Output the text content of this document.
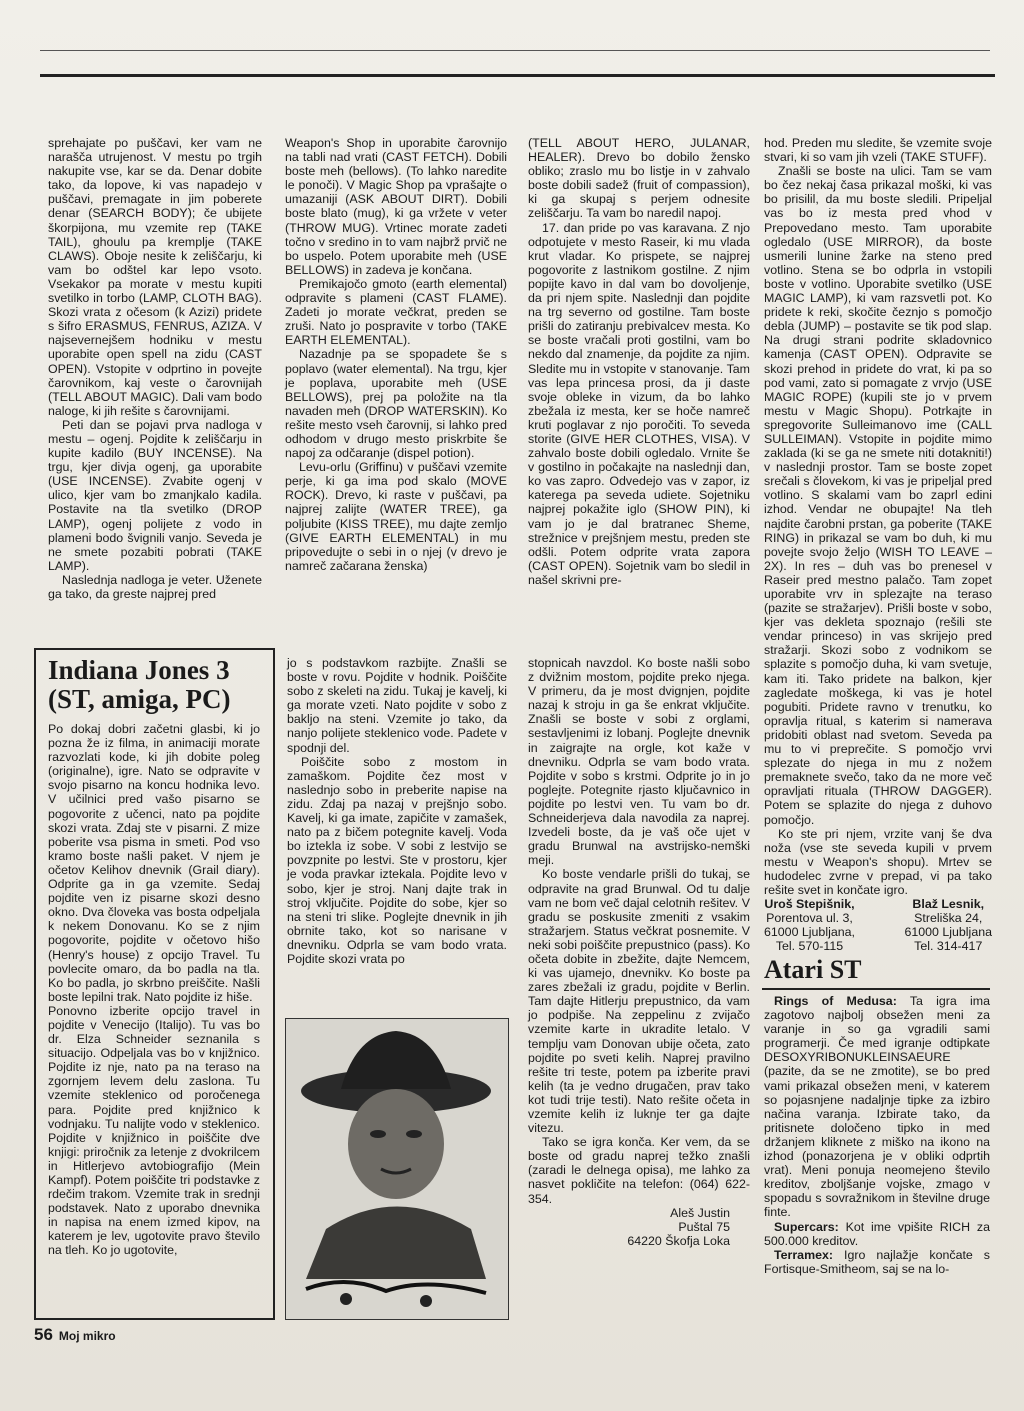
sprehajate po puščavi, ker vam ne narašča utrujenost. V mestu po trgih nakupite vse, kar se da. Denar dobite tako, da lopove, ki vas napadejo v puščavi, premagate in jim poberete denar (SEARCH BODY); če ubijete škorpijona, mu vzemite rep (TAKE TAIL), ghoulu pa kremplje (TAKE CLAWS). Oboje nesite k zeliščarju, ki vam bo odštel kar lepo vsoto. Vsekakor pa morate v mestu kupiti svetilko in torbo (LAMP, CLOTH BAG). Skozi vrata z očesom (k Azizi) pridete s šifro ERASMUS, FENRUS, AZIZA. V najsevernejšem hodniku v mestu uporabite open spell na zidu (CAST OPEN). Vstopite v odprtino in povejte čarovnikom, kaj veste o čarovnijah (TELL ABOUT MAGIC). Dali vam bodo naloge, ki jih rešite s čarovnijami.

Peti dan se pojavi prva nadloga v mestu – ogenj. Pojdite k zeliščarju in kupite kadilo (BUY INCENSE). Na trgu, kjer divja ogenj, ga uporabite (USE INCENSE). Zvabite ogenj v ulico, kjer vam bo zmanjkalo kadila. Postavite na tla svetilko (DROP LAMP), ogenj polijete z vodo in plameni bodo švignili vanjo. Seveda je ne smete pozabiti pobrati (TAKE LAMP).

Naslednja nadloga je veter. Uženete ga tako, da greste najprej pred

Weapon's Shop in uporabite čarovnijo na tabli nad vrati (CAST FETCH). Dobili boste meh (bellows). (To lahko naredite le ponoči). V Magic Shop pa vprašajte o umazaniji (ASK ABOUT DIRT). Dobili boste blato (mug), ki ga vržete v veter (THROW MUG). Vrtinec morate zadeti točno v sredino in to vam najbrž prvič ne bo uspelo. Potem uporabite meh (USE BELLOWS) in zadeva je končana.

Premikajočo gmoto (earth elemental) odpravite s plameni (CAST FLAME). Zadeti jo morate večkrat, preden se zruši. Nato jo pospravite v torbo (TAKE EARTH ELEMENTAL).

Nazadnje pa se spopadete še s poplavo (water elemental). Na trgu, kjer je poplava, uporabite meh (USE BELLOWS), prej pa položite na tla navaden meh (DROP WATERSKIN). Ko rešite mesto vseh čarovnij, si lahko pred odhodom v drugo mesto priskrbite še napoj za odčaranje (dispel potion).

Levu-orlu (Griffinu) v puščavi vzemite perje, ki ga ima pod skalo (MOVE ROCK). Drevo, ki raste v puščavi, pa najprej zalijte (WATER TREE), ga poljubite (KISS TREE), mu dajte zemljo (GIVE EARTH ELEMENTAL) in mu pripovedujte o sebi in o njej (v drevo je namreč začarana ženska)

(TELL ABOUT HERO, JULANAR, HEALER). Drevo bo dobilo žensko obliko; zraslo mu bo listje in v zahvalo boste dobili sadež (fruit of compassion), ki ga skupaj s perjem odnesite zeliščarju. Ta vam bo naredil napoj.

17. dan pride po vas karavana. Z njo odpotujete v mesto Raseir, ki mu vlada krut vladar. Ko prispete, se najprej pogovorite z lastnikom gostilne. Z njim popijte kavo in dal vam bo dovoljenje, da pri njem spite. Naslednji dan pojdite na trg severno od gostilne. Tam boste prišli do zatiranju prebivalcev mesta. Ko se boste vračali proti gostilni, vam bo nekdo dal znamenje, da pojdite za njim. Sledite mu in vstopite v stanovanje. Tam vas lepa princesa prosi, da ji daste svoje obleke in vizum, da bo lahko zbežala iz mesta, ker se hoče namreč kruti poglavar z njo poročiti. To seveda storite (GIVE HER CLOTHES, VISA). V zahvalo boste dobili ogledalo. Vrnite še v gostilno in počakajte na naslednji dan, ko vas zapro. Odvedejo vas v zapor, iz katerega pa seveda udiete. Sojetniku najprej pokažite iglo (SHOW PIN), ki vam jo je dal bratranec Sheme, strežnice v prejšnjem mestu, preden ste odšli. Potem odprite vrata zapora (CAST OPEN). Sojetnik vam bo sledil in našel skrivni pre-

hod. Preden mu sledite, še vzemite svoje stvari, ki so vam jih vzeli (TAKE STUFF).

Znašli se boste na ulici. Tam se vam bo čez nekaj časa prikazal moški, ki vas bo prisilil, da mu boste sledili. Pripeljal vas bo iz mesta pred vhod v Prepovedano mesto. Tam uporabite ogledalo (USE MIRROR), da boste usmerili lunine žarke na steno pred votlino. Stena se bo odprla in vstopili boste v votlino. Uporabite svetilko (USE MAGIC LAMP), ki vam razsvetli pot. Ko pridete k reki, skočite čeznjo s pomočjo debla (JUMP) – postavite se tik pod slap. Na drugi strani podrite skladovnico kamenja (CAST OPEN). Odpravite se skozi prehod in pridete do vrat, ki pa so pod vami, zato si pomagate z vrvjo (USE MAGIC ROPE) (kupili ste jo v prvem mestu v Magic Shopu). Potrkajte in spregovorite Sulleimanovo ime (CALL SULLEIMAN). Vstopite in pojdite mimo zaklada (ki se ga ne smete niti dotakniti!) v naslednji prostor. Tam se boste zopet srečali s človekom, ki vas je pripeljal pred votlino. S skalami vam bo zaprl edini izhod. Vendar ne obupajte! Na tleh najdite čarobni prstan, ga poberite (TAKE RING) in prikazal se vam bo duh, ki mu povejte svojo željo (WISH TO LEAVE – 2X). In res – duh vas bo prenesel v Raseir pred mestno palačo. Tam zopet uporabite vrv in splezajte na teraso (pazite se stražarjev). Prišli boste v sobo, kjer vas dekleta spoznajo (rešili ste vendar princeso) in vas skrijejo pred stražarji. Skozi sobo z vodnikom se splazite s pomočjo duha, ki vam svetuje, kam iti. Tako pridete na balkon, kjer zagledate moškega, ki vas je hotel pogubiti. Pridete ravno v trenutku, ko opravlja ritual, s katerim si namerava pridobiti oblast nad svetom. Seveda pa mu to vi preprečite. S pomočjo vrvi splezate do njega in mu z nožem premaknete svečo, tako da ne more več opravljati rituala (THROW DAGGER). Potem se splazite do njega z duhovo pomočjo.

Ko ste pri njem, vrzite vanj še dva noža (vse ste seveda kupili v prvem mestu v Weapon's shopu). Mrtev se hudodelec zvrne v prepad, vi pa tako rešite svet in končate igro.

Uroš Stepišnik,
Porentova ul. 3,
61000 Ljubljana,
Tel. 570-115
Blaž Lesnik,
Streliška 24,
61000 Ljubljana
Tel. 314-417
Indiana Jones 3 (ST, amiga, PC)

Po dokaj dobri začetni glasbi, ki jo pozna že iz filma, in animaciji morate razvozlati kode, ki jih dobite poleg (originalne), igre. Nato se odpravite v svojo pisarno na koncu hodnika levo. V učilnici pred vašo pisarno se pogovorite z učenci, nato pa pojdite skozi vrata. Zdaj ste v pisarni. Z mize poberite vsa pisma in smeti. Pod vso kramo boste našli paket. V njem je očetov Kelihov dnevnik (Grail diary). Odprite ga in ga vzemite. Sedaj pojdite ven iz pisarne skozi desno okno. Dva človeka vas bosta odpeljala k nekem Donovanu. Ko se z njim pogovorite, pojdite v očetovo hišo (Henry's house) z opcijo Travel. Tu povlecite omaro, da bo padla na tla. Ko bo padla, jo skrbno preiščite. Našli boste lepilni trak. Nato pojdite iz hiše.

Ponovno izberite opcijo travel in pojdite v Venecijo (Italijo). Tu vas bo dr. Elza Schneider seznanila s situacijo. Odpeljala vas bo v knjižnico. Pojdite iz nje, nato pa na teraso na zgornjem levem delu zaslona. Tu vzemite steklenico od poročenega para. Pojdite pred knjižnico k vodnjaku. Tu nalijte vodo v steklenico. Pojdite v knjižnico in poiščite dve knjigi: priročnik za letenje z dvokrilcem in Hitlerjevo avtobiografijo (Mein Kampf). Potem poiščite tri podstavke z rdečim trakom. Vzemite trak in srednji podstavek. Nato z uporabo dnevnika in napisa na enem izmed kipov, na katerem je lev, ugotovite pravo število na tleh. Ko jo ugotovite,

jo s podstavkom razbijte. Znašli se boste v rovu. Pojdite v hodnik. Poiščite sobo z skeleti na zidu. Tukaj je kavelj, ki ga morate vzeti. Nato pojdite v sobo z bakljo na steni. Vzemite jo tako, da nanjo polijete steklenico vode. Padete v spodnji del.

Poiščite sobo z mostom in zamaškom. Pojdite čez most v naslednjo sobo in preberite napise na zidu. Zdaj pa nazaj v prejšnjo sobo. Kavelj, ki ga imate, zapičite v zamašek, nato pa z bičem potegnite kavelj. Voda bo iztekla iz sobe. V sobi z lestvijo se povzpnite po lestvi. Ste v prostoru, kjer je voda pravkar iztekala. Pojdite levo v sobo, kjer je stroj. Nanj dajte trak in stroj vključite. Pojdite do sobe, kjer so na steni tri slike. Poglejte dnevnik in jih obrnite tako, kot so narisane v dnevniku. Odprla se vam bodo vrata. Pojdite skozi vrata po

stopnicah navzdol. Ko boste našli sobo z dvižnim mostom, pojdite preko njega. V primeru, da je most dvignjen, pojdite nazaj k stroju in ga še enkrat vključite. Znašli se boste v sobi z orglami, sestavljenimi iz lobanj. Poglejte dnevnik in zaigrajte na orgle, kot kaže v dnevniku. Odprla se vam bodo vrata. Pojdite v sobo s krstmi. Odprite jo in jo poglejte. Potegnite rjasto ključavnico in pojdite po lestvi ven. Tu vam bo dr. Schneiderjeva dala navodila za naprej. Izvedeli boste, da je vaš oče ujet v gradu Brunwal na avstrijsko-nemški meji.

Ko boste vendarle prišli do tukaj, se odpravite na grad Brunwal. Od tu dalje vam ne bom več dajal celotnih rešitev. V gradu se poskusite zmeniti z vsakim stražarjem. Status večkrat posnemite. V neki sobi poiščite prepustnico (pass). Ko očeta dobite in zbežite, dajte Nemcem, ki vas ujamejo, dnevnikv. Ko boste pa zares zbežali iz gradu, pojdite v Berlin. Tam dajte Hitlerju prepustnico, da vam jo podpiše. Na zeppelinu z zvijačo vzemite karte in ukradite letalo. V templju vam Donovan ubije očeta, zato pojdite po sveti kelih. Naprej pravilno rešite tri teste, potem pa izberite pravi kelih (ta je vedno drugačen, prav tako kot tudi trije testi). Nato rešite očeta in vzemite kelih iz luknje ter ga dajte vitezu.

Tako se igra konča. Ker vem, da se boste od gradu naprej težko znašli (zaradi le delnega opisa), me lahko za nasvet pokličite na telefon: (064) 622-354.

Aleš Justin
Puštal 75
64220 Škofja Loka
Atari ST

Rings of Medusa: Ta igra ima zagotovo najbolj obsežen meni za varanje in so ga vgradili sami programerji. Če med igranje odtipkate DESOXYRIBONUKLEINSAEURE (pazite, da se ne zmotite), se bo pred vami prikazal obsežen meni, v katerem so pojasnjene nadaljnje tipke za izbiro načina varanja. Izbirate tako, da pritisnete določeno tipko in med držanjem kliknete z miško na ikono na izhod (ponazorjena je v obliki odprtih vrat). Meni ponuja neomejeno število kreditov, zboljšanje vojske, zmago v spopadu s sovražnikom in številne druge finte.

Supercars: Kot ime vpišite RICH za 500.000 kreditov.

Terramex: Igro najlažje končate s Fortisque-Smitheom, saj se na lo-

56 Moj mikro
